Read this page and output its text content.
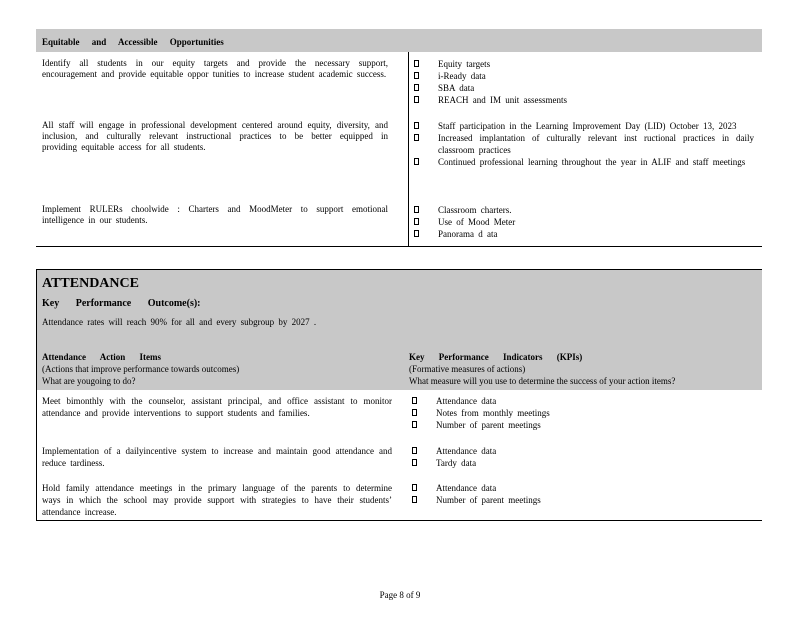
Equitable and Accessible Opportunities
Identify all students in our equity targets and provide the necessary support, encouragement and provide equitable oppor tunities to increase student academic success.
Equity targets
i-Ready data
SBA data
REACH and IM unit assessments
All staff will engage in professional development centered around equity, diversity, and inclusion, and culturally relevant instructional practices to be better equipped in providing equitable access for all students.
Staff participation in the Learning Improvement Day (LID) October 13, 2023
Increased implantation of culturally relevant inst ructional practices in daily classroom practices
Continued professional learning throughout the year in ALIF and staff meetings
Implement RULERs choolwide : Charters and MoodMeter to support emotional intelligence in our students.
Classroom charters.
Use of Mood Meter
Panorama d ata
ATTENDANCE
Key Performance Outcome(s):
Attendance rates will reach 90% for all and every subgroup by 2027 .
Attendance Action Items
(Actions that improve performance towards outcomes)
What are yougoing to do?
Key Performance Indicators (KPIs)
(Formative measures of actions)
What measure will you use to determine the success of your action items?
Meet bimonthly with the counselor, assistant principal, and office assistant to monitor attendance and provide interventions to support students and families.
Attendance data
Notes from monthly meetings
Number of parent meetings
Implementation of a dailyincentive system to increase and maintain good attendance and reduce tardiness.
Attendance data
Tardy data
Hold family attendance meetings in the primary language of the parents to determine ways in which the school may provide support with strategies to have their students’ attendance increase.
Attendance data
Number of parent meetings
Page 8 of 9
